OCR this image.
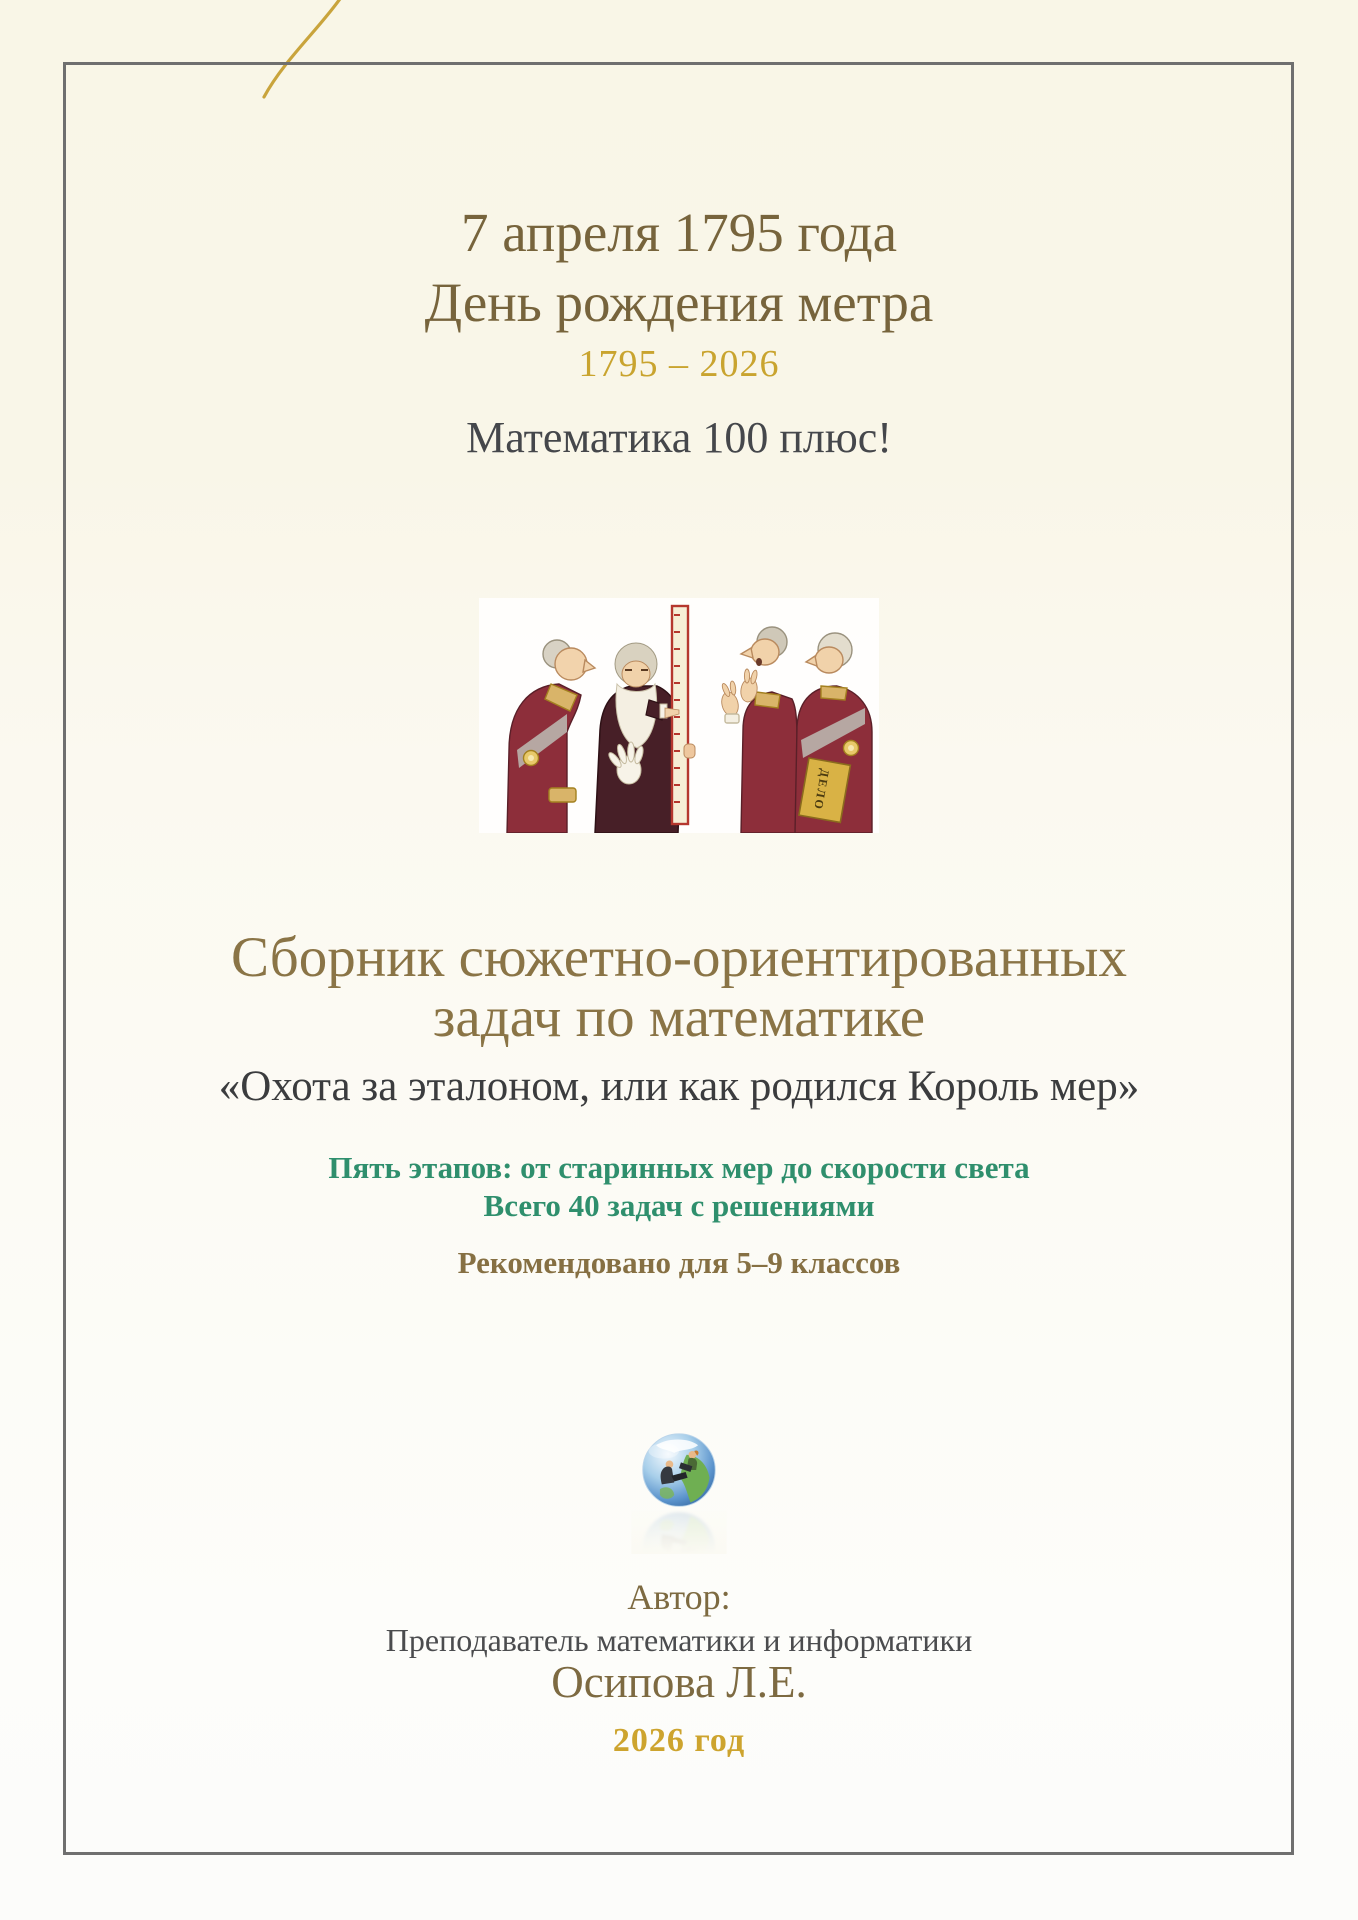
7 апреля 1795 года
День рождения метра
1795 – 2026
Математика 100 плюс!
ДЕЛО
Сборник сюжетно-ориентированных
задач по математике
«Охота за эталоном, или как родился Король мер»
Пять этапов: от старинных мер до скорости света
Всего 40 задач с решениями
Рекомендовано для 5–9 классов
Автор:
Преподаватель математики и информатики
Осипова Л.Е.
2026 год
